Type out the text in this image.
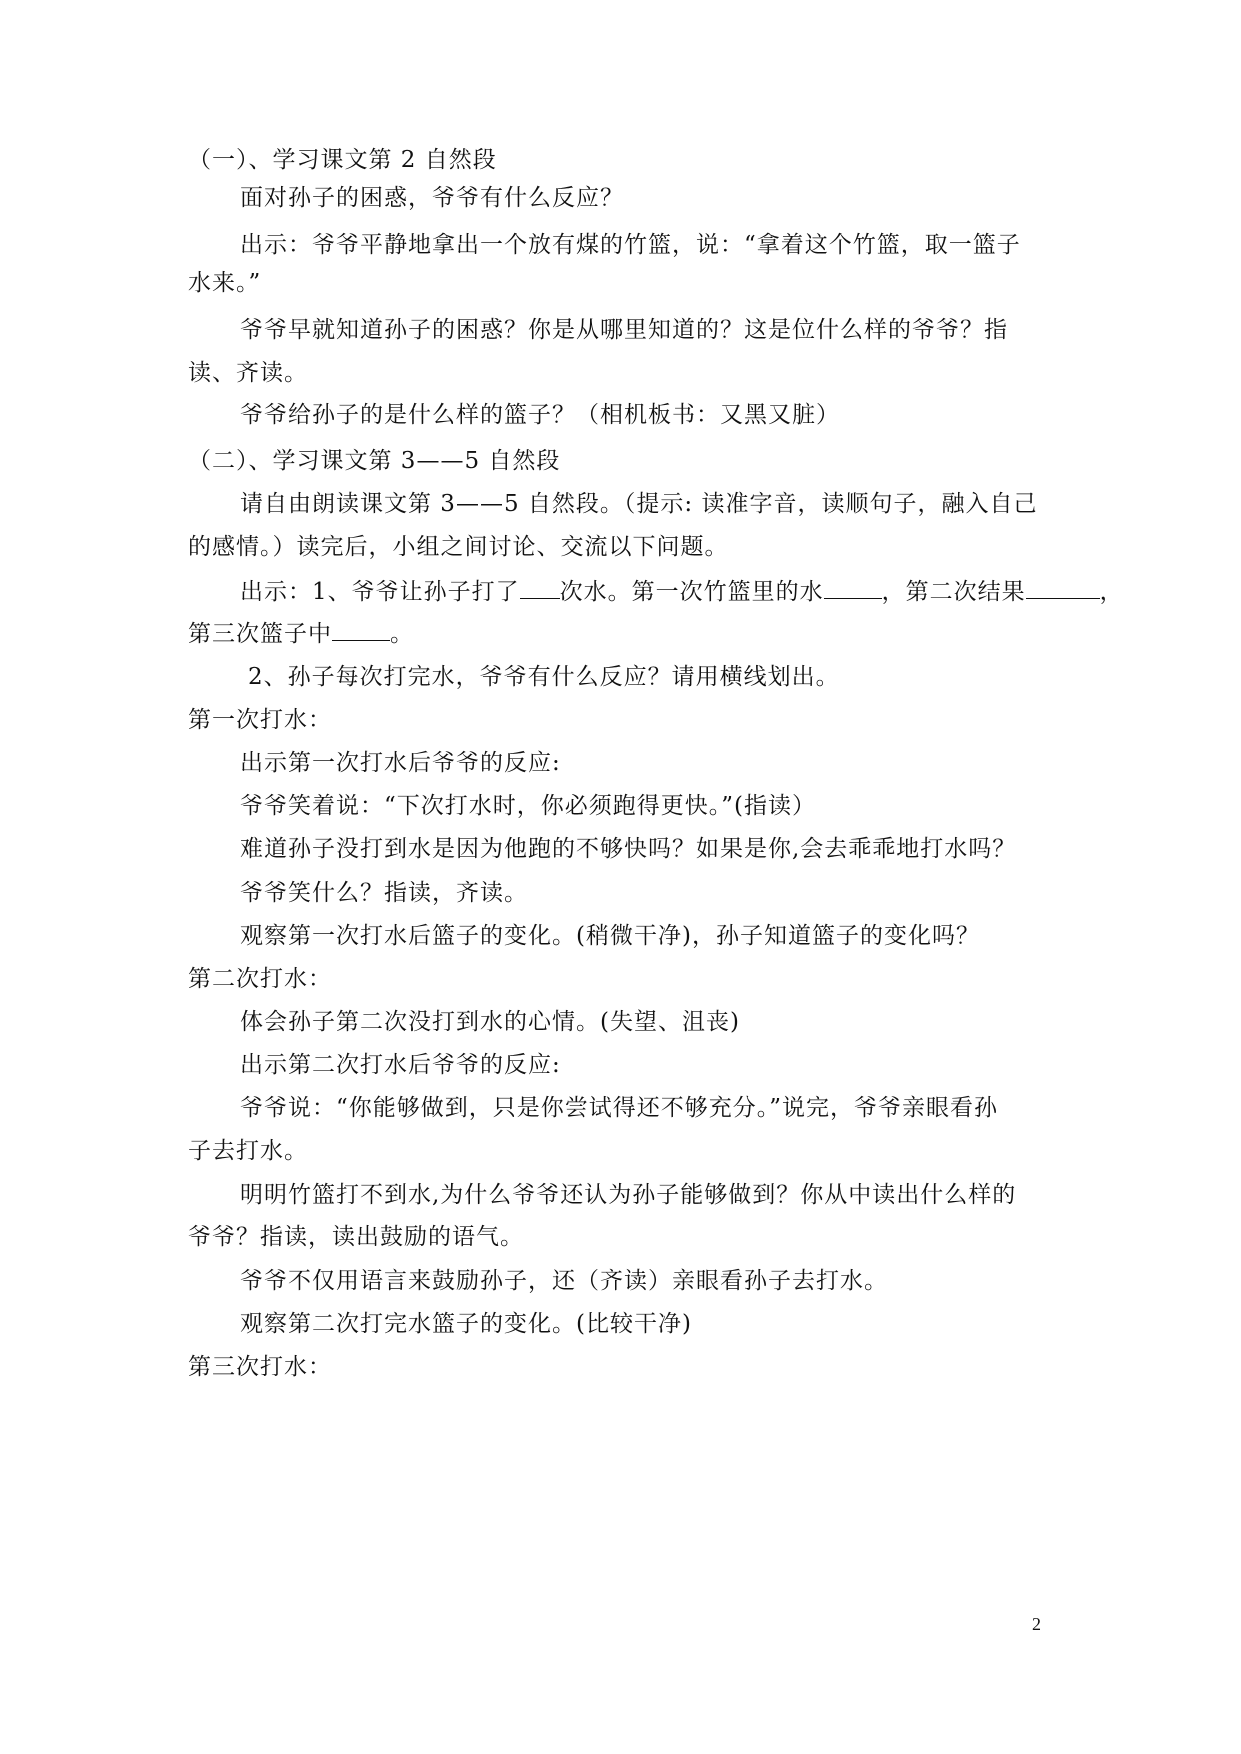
（一）、学习课文第 2 自然段
面对孙子的困惑，爷爷有什么反应？
出示：爷爷平静地拿出一个放有煤的竹篮，说：“拿着这个竹篮，取一篮子
水来。”
爷爷早就知道孙子的困惑？你是从哪里知道的？这是位什么样的爷爷？指
读、齐读。
爷爷给孙子的是什么样的篮子？（相机板书：又黑又脏）
（二）、学习课文第 3——5 自然段
请自由朗读课文第 3——5 自然段。（提示: 读准字音，读顺句子，融入自己
的感情。）读完后，小组之间讨论、交流以下问题。
出示：1、爷爷让孙子打了 次水。第一次竹篮里的水	，第二次结果	，
第三次篮子中	。
2、孙子每次打完水，爷爷有什么反应？请用横线划出。
第一次打水：
出示第一次打水后爷爷的反应:
爷爷笑着说：“下次打水时，你必须跑得更快。”(指读）
难道孙子没打到水是因为他跑的不够快吗？如果是你,会去乖乖地打水吗？
爷爷笑什么？指读，齐读。
观察第一次打水后篮子的变化。(稍微干净)，孙子知道篮子的变化吗？
第二次打水：
体会孙子第二次没打到水的心情。(失望、沮丧)
出示第二次打水后爷爷的反应:
爷爷说：“你能够做到，只是你尝试得还不够充分。”说完，爷爷亲眼看孙
子去打水。
明明竹篮打不到水,为什么爷爷还认为孙子能够做到？你从中读出什么样的
爷爷？指读，读出鼓励的语气。
爷爷不仅用语言来鼓励孙子，还（齐读）亲眼看孙子去打水。
观察第二次打完水篮子的变化。(比较干净)
第三次打水：
2
